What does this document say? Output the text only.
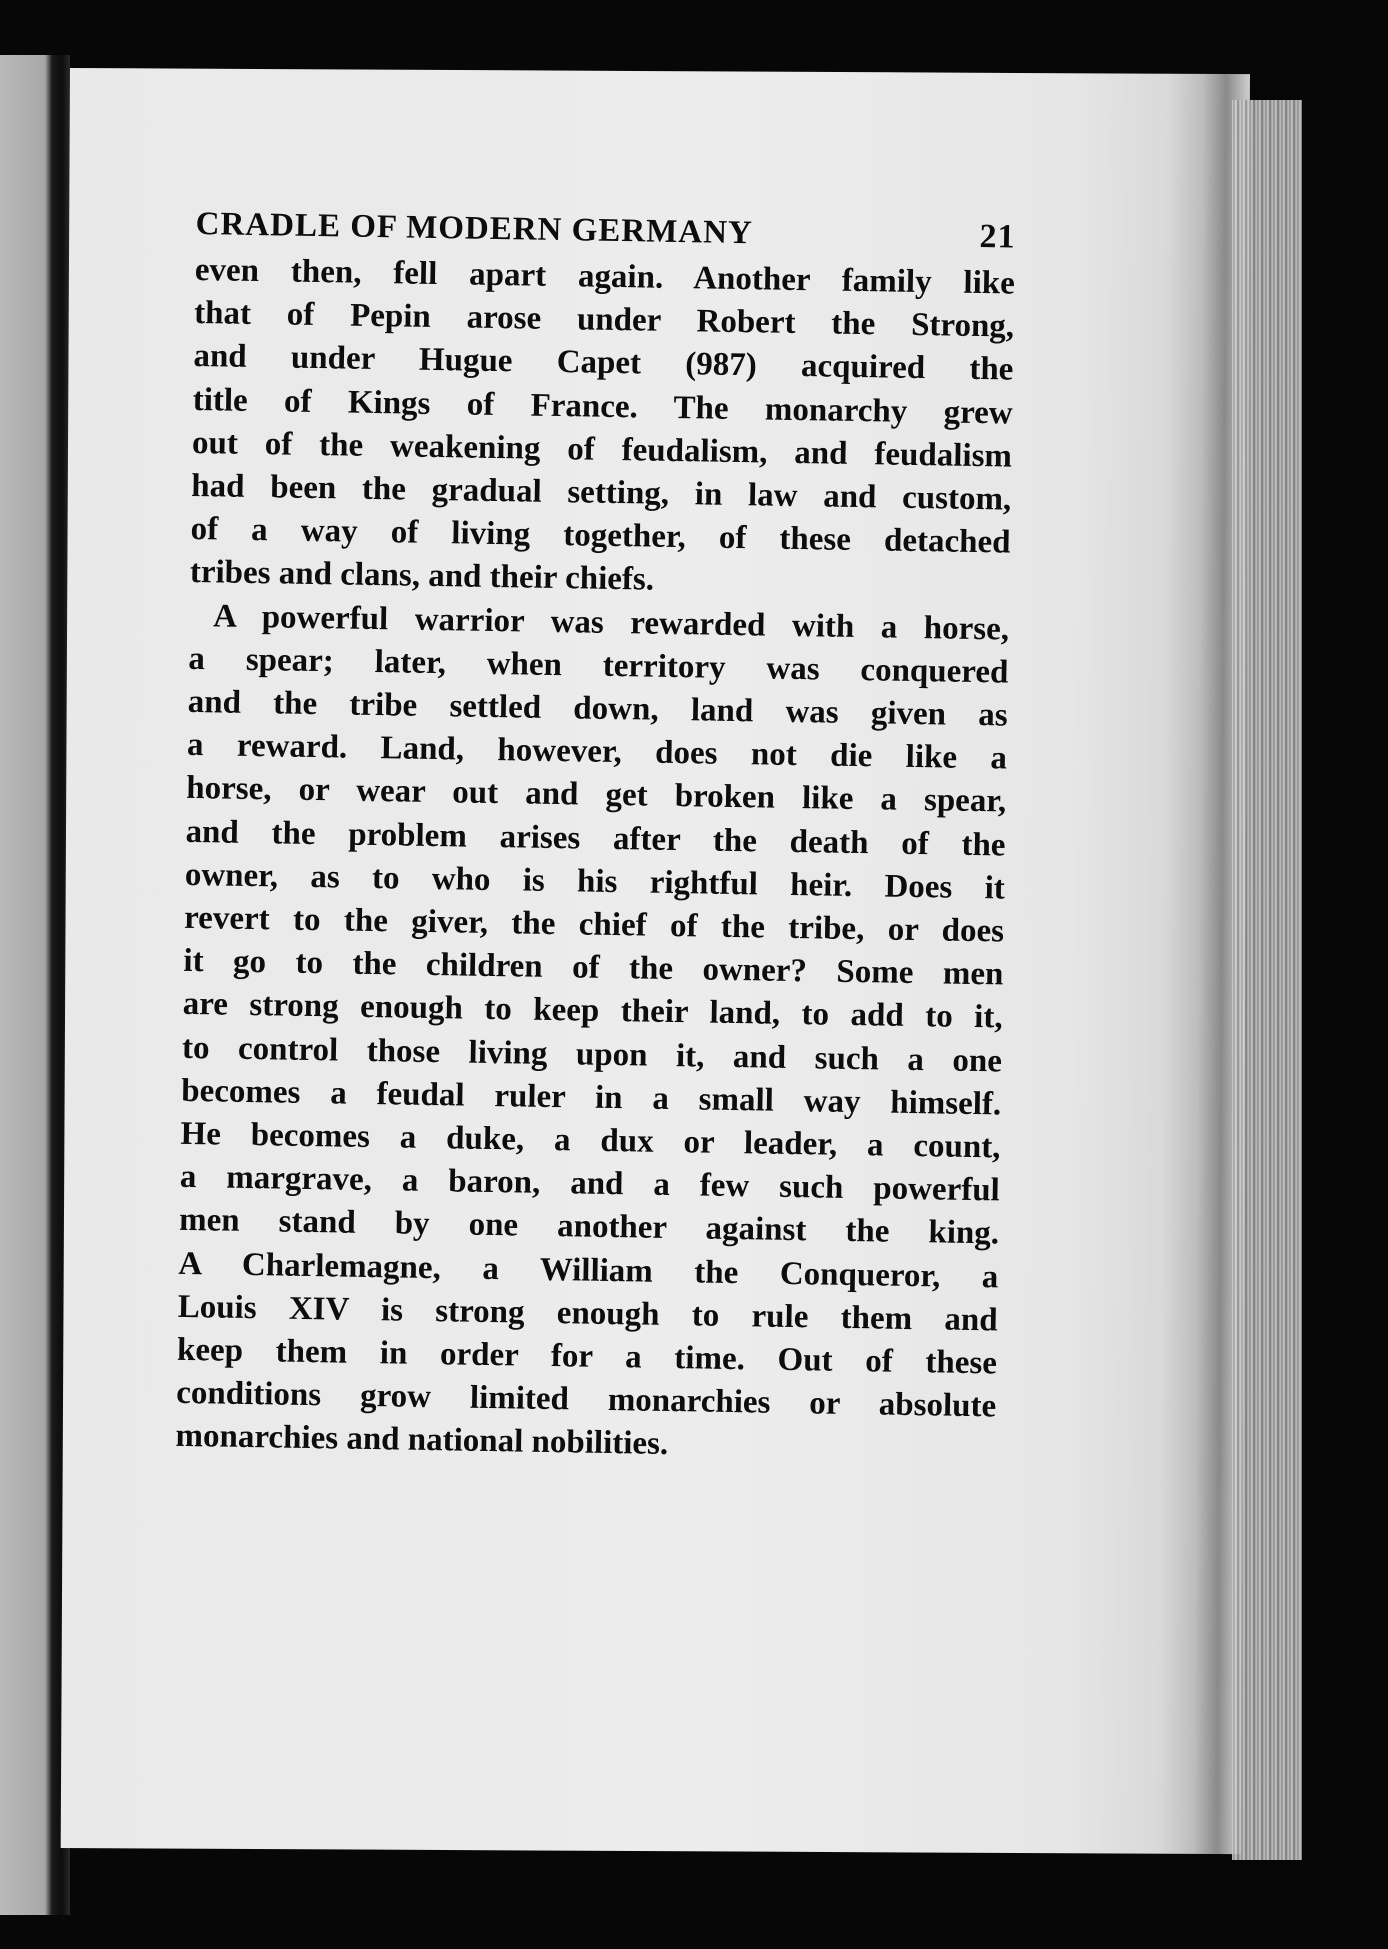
CRADLE OF MODERN GERMANY	21

even then, fell apart again. Another family like
that of Pepin arose under Robert the Strong,
and under Hugue Capet (987) acquired the
title of Kings of France. The monarchy grew
out of the weakening of feudalism, and feudalism
had been the gradual setting, in law and custom,
of a way of living together, of these detached
tribes and clans, and their chiefs.

A powerful warrior was rewarded with a horse,
a spear; later, when territory was conquered
and the tribe settled down, land was given as
a reward. Land, however, does not die like a
horse, or wear out and get broken like a spear,
and the problem arises after the death of the
owner, as to who is his rightful heir. Does it
revert to the giver, the chief of the tribe, or does
it go to the children of the owner? Some men
are strong enough to keep their land, to add to it,
to control those living upon it, and such a one
becomes a feudal ruler in a small way himself.
He becomes a duke, a dux or leader, a count,
a margrave, a baron, and a few such powerful
men stand by one another against the king.
A Charlemagne, a William the Conqueror, a
Louis XIV is strong enough to rule them and
keep them in order for a time. Out of these
conditions grow limited monarchies or absolute
monarchies and national nobilities.
